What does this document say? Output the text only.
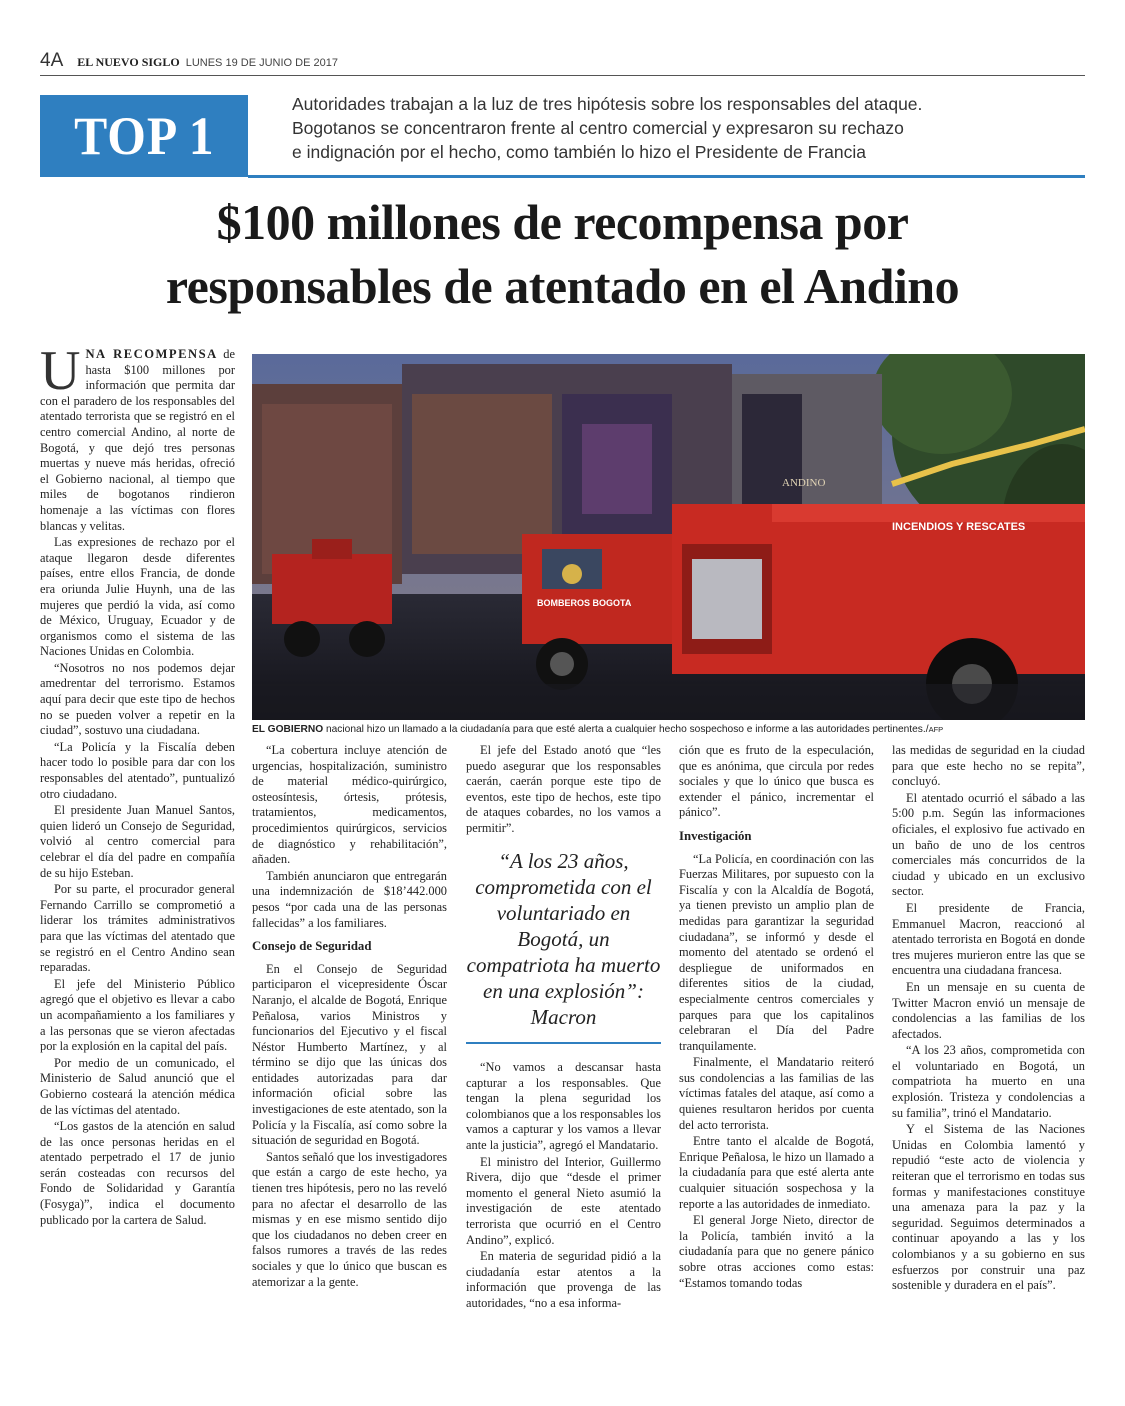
4A EL NUEVO SIGLO LUNES 19 DE JUNIO DE 2017
TOP 1
Autoridades trabajan a la luz de tres hipótesis sobre los responsables del ataque.
Bogotanos se concentraron frente al centro comercial y expresaron su rechazo
e indignación por el hecho, como también lo hizo el Presidente de Francia
$100 millones de recompensa por
responsables de atentado en el Andino

UNA RECOMPENSA de hasta $100 millones por información que permita dar con el paradero de los responsables del atentado terrorista que se registró en el centro comercial Andino, al norte de Bogotá, y que dejó tres personas muertas y nueve más heridas, ofreció el Gobierno nacional, al tiempo que miles de bogotanos rindieron homenaje a las víctimas con flores blancas y velitas.

Las expresiones de rechazo por el ataque llegaron desde diferentes países, entre ellos Francia, de donde era oriunda Julie Huynh, una de las mujeres que perdió la vida, así como de México, Uruguay, Ecuador y de organismos como el sistema de las Naciones Unidas en Colombia.

“Nosotros no nos podemos dejar amedrentar del terrorismo. Estamos aquí para decir que este tipo de hechos no se pueden volver a repetir en la ciudad”, sostuvo una ciudadana.

“La Policía y la Fiscalía deben hacer todo lo posible para dar con los responsables del atentado”, puntualizó otro ciudadano.

El presidente Juan Manuel Santos, quien lideró un Consejo de Seguridad, volvió al centro comercial para celebrar el día del padre en compañía de su hijo Esteban.

Por su parte, el procurador general Fernando Carrillo se comprometió a liderar los trámites administrativos para que las víctimas del atentado que se registró en el Centro Andino sean reparadas.

El jefe del Ministerio Público agregó que el objetivo es llevar a cabo un acompañamiento a los familiares y a las personas que se vieron afectadas por la explosión en la capital del país.

Por medio de un comunicado, el Ministerio de Salud anunció que el Gobierno costeará la atención médica de las víctimas del atentado.

“Los gastos de la atención en salud de las once personas heridas en el atentado perpetrado el 17 de junio serán costeadas con recursos del Fondo de Solidaridad y Garantía (Fosyga)”, indica el documento publicado por la cartera de Salud.

ANDINO
BOMBEROS BOGOTA
INCENDIOS Y RESCATES
EL GOBIERNO nacional hizo un llamado a la ciudadanía para que esté alerta a cualquier hecho sospechoso e informe a las autoridades pertinentes./AFP

“La cobertura incluye atención de urgencias, hospitalización, suministro de material médico-quirúrgico, osteosíntesis, órtesis, prótesis, tratamientos, medicamentos, procedimientos quirúrgicos, servicios de diagnóstico y rehabilitación”, añaden.

También anunciaron que entregarán una indemnización de $18’442.000 pesos “por cada una de las personas fallecidas” a los familiares.

Consejo de Seguridad

En el Consejo de Seguridad participaron el vicepresidente Óscar Naranjo, el alcalde de Bogotá, Enrique Peñalosa, varios Ministros y funcionarios del Ejecutivo y el fiscal Néstor Humberto Martínez, y al término se dijo que las únicas dos entidades autorizadas para dar información oficial sobre las investigaciones de este atentado, son la Policía y la Fiscalía, así como sobre la situación de seguridad en Bogotá.

Santos señaló que los investigadores que están a cargo de este hecho, ya tienen tres hipótesis, pero no las reveló para no afectar el desarrollo de las mismas y en ese mismo sentido dijo que los ciudadanos no deben creer en falsos rumores a través de las redes sociales y que lo único que buscan es atemorizar a la gente.

El jefe del Estado anotó que “les puedo asegurar que los responsables caerán, caerán porque este tipo de eventos, este tipo de hechos, este tipo de ataques cobardes, no los vamos a permitir”.

“A los 23 años, comprometida con el voluntariado en Bogotá, un compatriota ha muerto en una explosión”: Macron

“No vamos a descansar hasta capturar a los responsables. Que tengan la plena seguridad los colombianos que a los responsables los vamos a capturar y los vamos a llevar ante la justicia”, agregó el Mandatario.

El ministro del Interior, Guillermo Rivera, dijo que “desde el primer momento el general Nieto asumió la investigación de este atentado terrorista que ocurrió en el Centro Andino”, explicó.

En materia de seguridad pidió a la ciudadanía estar atentos a la información que provenga de las autoridades, “no a esa informa-

ción que es fruto de la especulación, que es anónima, que circula por redes sociales y que lo único que busca es extender el pánico, incrementar el pánico”.

Investigación

“La Policía, en coordinación con las Fuerzas Militares, por supuesto con la Fiscalía y con la Alcaldía de Bogotá, ya tienen previsto un amplio plan de medidas para garantizar la seguridad ciudadana”, se informó y desde el momento del atentado se ordenó el despliegue de uniformados en diferentes sitios de la ciudad, especialmente centros comerciales y parques para que los capitalinos celebraran el Día del Padre tranquilamente.

Finalmente, el Mandatario reiteró sus condolencias a las familias de las víctimas fatales del ataque, así como a quienes resultaron heridos por cuenta del acto terrorista.

Entre tanto el alcalde de Bogotá, Enrique Peñalosa, le hizo un llamado a la ciudadanía para que esté alerta ante cualquier situación sospechosa y la reporte a las autoridades de inmediato.

El general Jorge Nieto, director de la Policía, también invitó a la ciudadanía para que no genere pánico sobre otras acciones como estas: “Estamos tomando todas

las medidas de seguridad en la ciudad para que este hecho no se repita”, concluyó.

El atentado ocurrió el sábado a las 5:00 p.m. Según las informaciones oficiales, el explosivo fue activado en un baño de uno de los centros comerciales más concurridos de la ciudad y ubicado en un exclusivo sector.

El presidente de Francia, Emmanuel Macron, reaccionó al atentado terrorista en Bogotá en donde tres mujeres murieron entre las que se encuentra una ciudadana francesa.

En un mensaje en su cuenta de Twitter Macron envió un mensaje de condolencias a las familias de los afectados.

“A los 23 años, comprometida con el voluntariado en Bogotá, un compatriota ha muerto en una explosión. Tristeza y condolencias a su familia”, trinó el Mandatario.

Y el Sistema de las Naciones Unidas en Colombia lamentó y repudió “este acto de violencia y reiteran que el terrorismo en todas sus formas y manifestaciones constituye una amenaza para la paz y la seguridad. Seguimos determinados a continuar apoyando a las y los colombianos y a su gobierno en sus esfuerzos por construir una paz sostenible y duradera en el país”.
